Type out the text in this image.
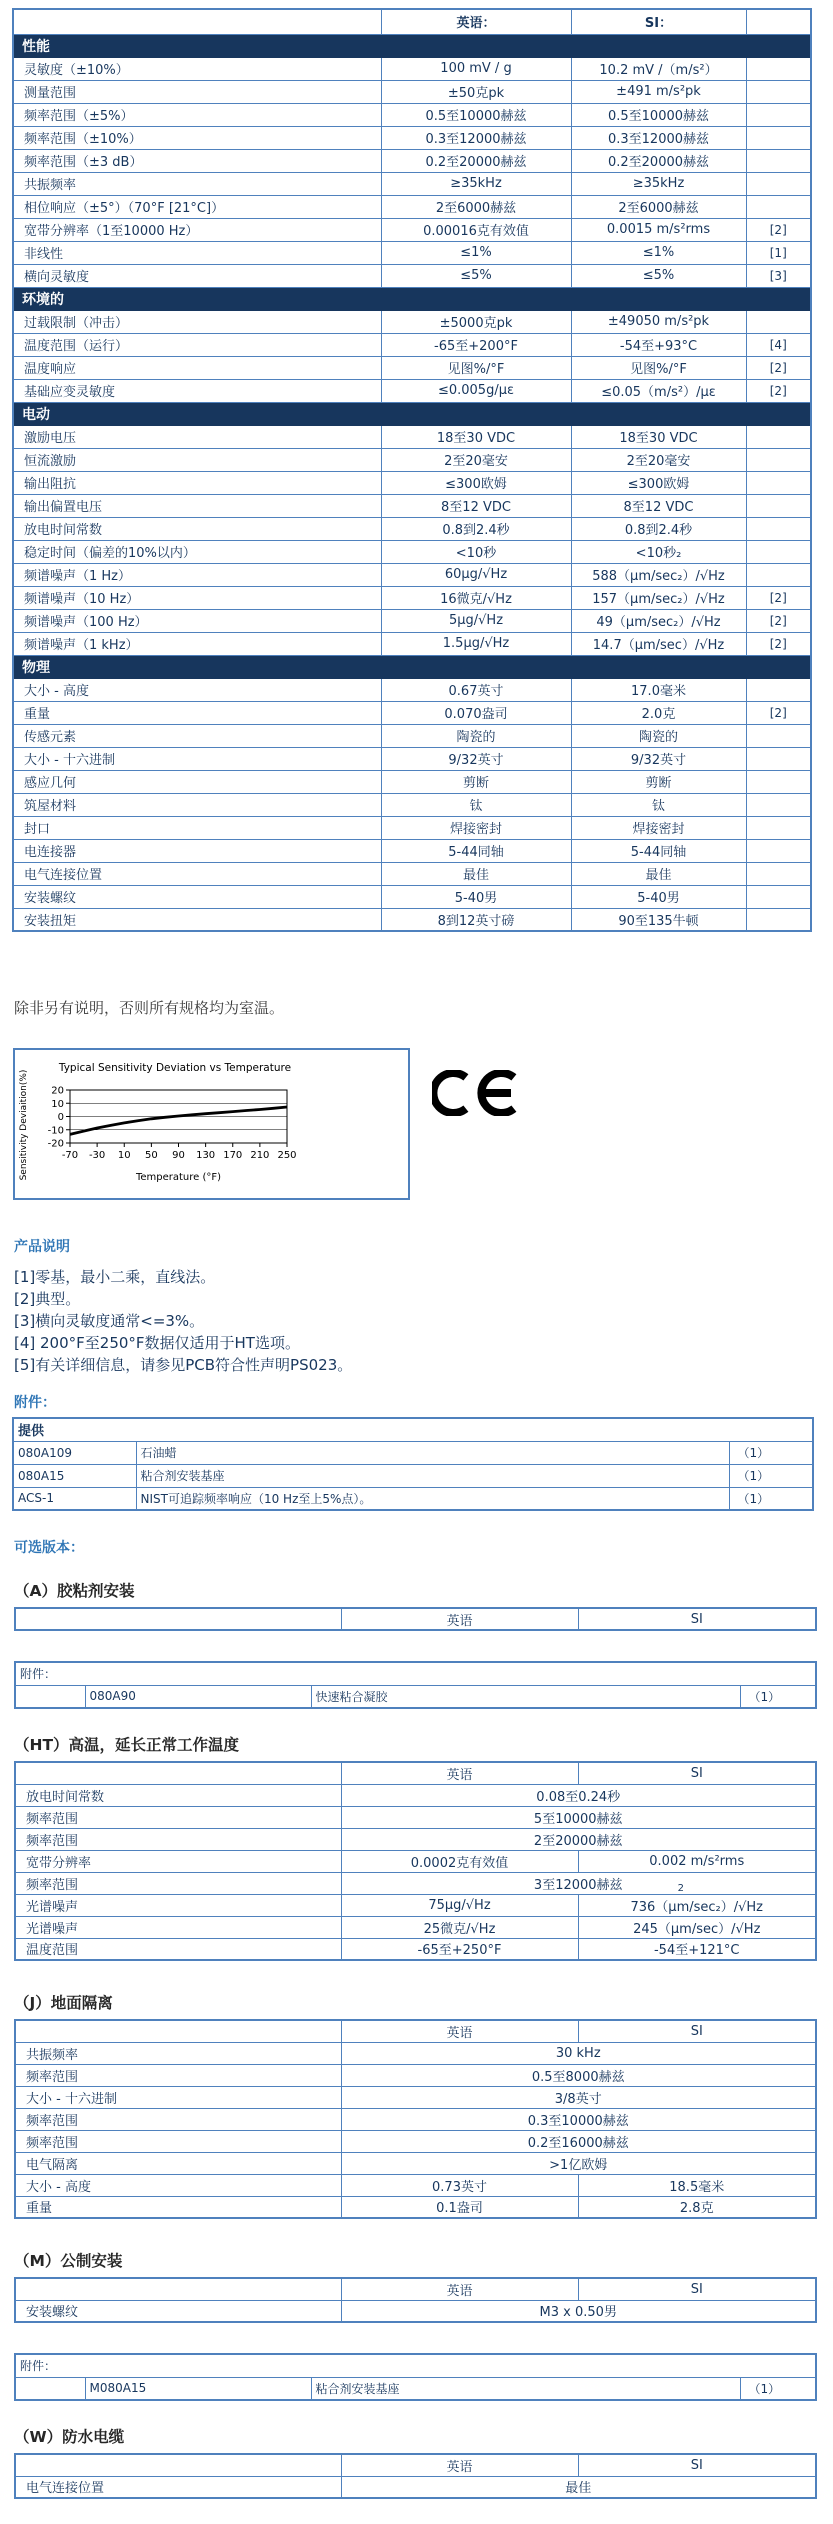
	英语：	SI：	
性能			
灵敏度（±10%）	100 mV / g	10.2 mV /（m/s²）	
测量范围	±50克pk	±491 m/s²pk	
频率范围（±5%）	0.5至10000赫兹	0.5至10000赫兹	
频率范围（±10%）	0.3至12000赫兹	0.3至12000赫兹	
频率范围（±3 dB）	0.2至20000赫兹	0.2至20000赫兹	
共振频率	≥35kHz	≥35kHz	
相位响应（±5°）（70°F [21°C]）	2至6000赫兹	2至6000赫兹	
宽带分辨率（1至10000 Hz）	0.00016克有效值	0.0015 m/s²rms	[2]
非线性	≤1%	≤1%	[1]
横向灵敏度	≤5%	≤5%	[3]
环境的			
过载限制（冲击）	±5000克pk	±49050 m/s²pk	
温度范围（运行）	-65至+200°F	-54至+93°C	[4]
温度响应	见图%/°F	见图%/°F	[2]
基础应变灵敏度	≤0.005g/με	≤0.05（m/s²）/με	[2]
电动			
激励电压	18至30 VDC	18至30 VDC	
恒流激励	2至20毫安	2至20毫安	
输出阻抗	≤300欧姆	≤300欧姆	
输出偏置电压	8至12 VDC	8至12 VDC	
放电时间常数	0.8到2.4秒	0.8到2.4秒	
稳定时间（偏差的10%以内）	<10秒	<10秒₂	
频谱噪声（1 Hz）	60μg/√Hz	588（μm/sec₂）/√Hz	
频谱噪声（10 Hz）	16微克/√Hz	157（μm/sec₂）/√Hz	[2]
频谱噪声（100 Hz）	5μg/√Hz	49（μm/sec₂）/√Hz	[2]
频谱噪声（1 kHz）	1.5μg/√Hz	14.7（μm/sec）/√Hz	[2]
物理			
大小 - 高度	0.67英寸	17.0毫米	
重量	0.070盎司	2.0克	[2]
传感元素	陶瓷的	陶瓷的	
大小 - 十六进制	9/32英寸	9/32英寸	
感应几何	剪断	剪断	
筑屋材料	钛	钛	
封口	焊接密封	焊接密封	
电连接器	5-44同轴	5-44同轴	
电气连接位置	最佳	最佳	
安装螺纹	5-40男	5-40男	
安装扭矩	8到12英寸磅	90至135牛顿	

除非另有说明，否则所有规格均为室温。

Typical Sensitivity Deviation vs Temperature
Sensitivity Deviaition(%) 20
10
0
-10
-20
-70 -30 10 50 90 130 170 210 250
Temperature (°F)
产品说明
[1]零基，最小二乘，直线法。
[2]典型。
[3]横向灵敏度通常<=3%。
[4] 200°F至250°F数据仅适用于HT选项。
[5]有关详细信息，请参见PCB符合性声明PS023。
附件：
提供		
080A109	石油蜡	（1）
080A15	粘合剂安装基座	（1）
ACS-1	NIST可追踪频率响应（10 Hz至上5%点）。	（1）
可选版本：
（A）胶粘剂安装
	英语	SI
附件：
	080A90	快速粘合凝胶	（1）
（HT）高温，延长正常工作温度
	英语	SI
放电时间常数	0.08至0.24秒	
频率范围	5至10000赫兹	
频率范围	2至20000赫兹	
宽带分辨率	0.0002克有效值	0.002 m/s²rms
频率范围	3至12000赫兹 2	

光谱噪声	75μg/√Hz	736（μm/sec₂）/√Hz
光谱噪声	25微克/√Hz	245（μm/sec）/√Hz
温度范围	-65至+250°F	-54至+121°C
（J）地面隔离
	英语	SI
共振频率	30 kHz	
频率范围	0.5至8000赫兹	
大小 - 十六进制	3/8英寸	
频率范围	0.3至10000赫兹	
频率范围	0.2至16000赫兹	
电气隔离	>1亿欧姆	
大小 - 高度	0.73英寸	18.5毫米
重量	0.1盎司	2.8克
（M）公制安装
	英语	SI
安装螺纹	M3 x 0.50男	
附件：
	M080A15	粘合剂安装基座	（1）
（W）防水电缆
	英语	SI
电气连接位置	最佳	
